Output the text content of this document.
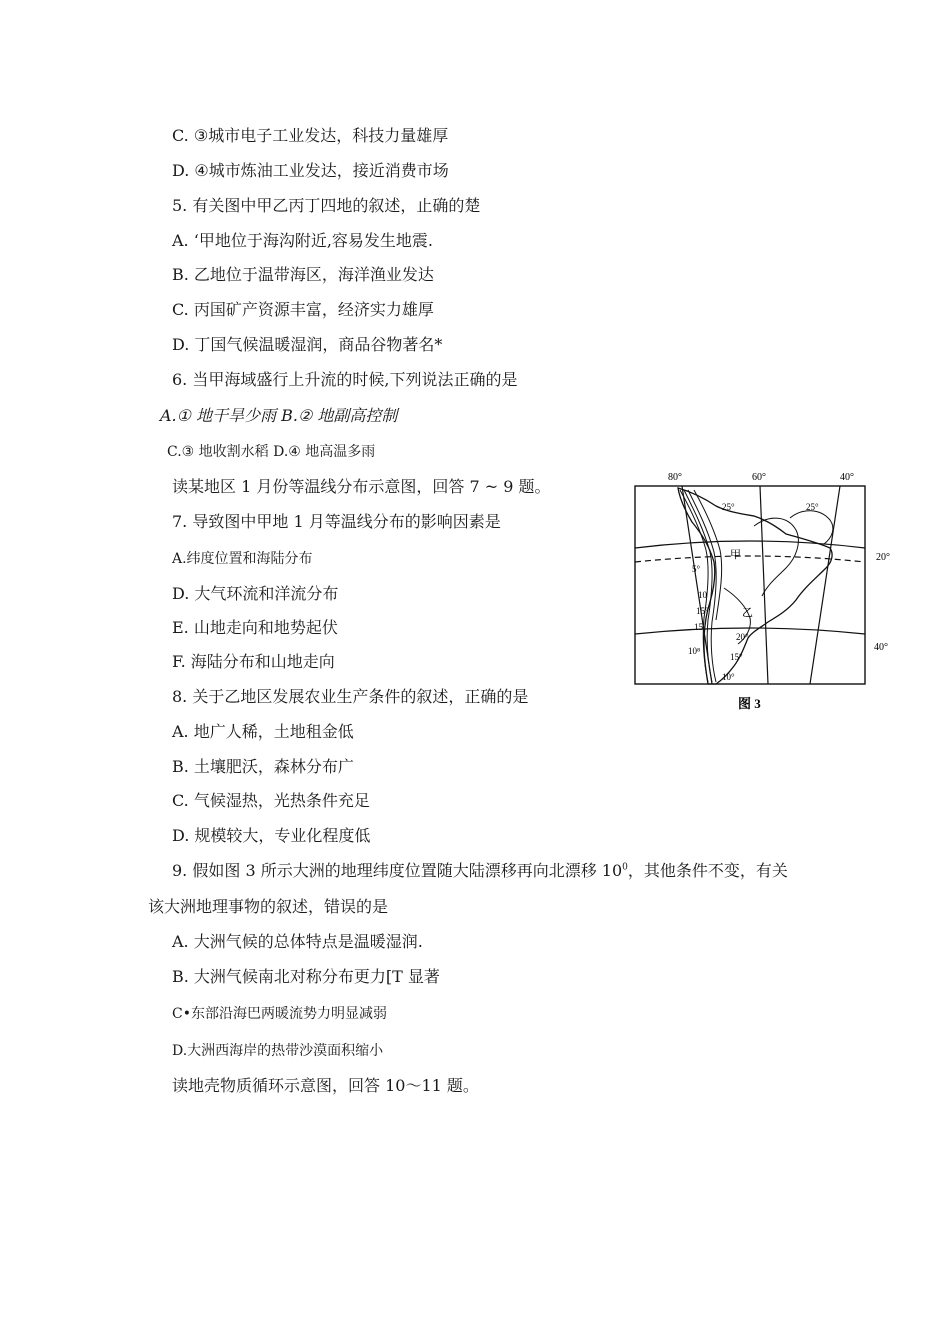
C. ③城市电子工业发达，科技力量雄厚
D. ④城市炼油工业发达，接近消费市场
5. 有关图中甲乙丙丁四地的叙述，止确的楚
A. ‘甲地位于海沟附近,容易发生地震.
B. 乙地位于温带海区，海洋渔业发达
C. 丙国矿产资源丰富，经济实力雄厚
D. 丁国气候温暖湿润，商品谷物著名*
6. 当甲海域盛行上升流的时候,下列说法正确的是
A.① 地干旱少雨 B.② 地副高控制
C.③ 地收割水稻 D.④ 地高温多雨
读某地区 1 月份等温线分布示意图，回答 7 ~ 9 题。
7. 导致图中甲地 1 月等温线分布的影响因素是
A.纬度位置和海陆分布
D. 大气环流和洋流分布
E. 山地走向和地势起伏
F. 海陆分布和山地走向
8. 关于乙地区发展农业生产条件的叙述，正确的是
A. 地广人稀，土地租金低
B. 土壤肥沃，森林分布广
C. 气候湿热，光热条件充足
D. 规模较大，专业化程度低
9. 假如图 3 所示大洲的地理纬度位置随大陆漂移再向北漂移 $10^0$，其他条件不变，有关
该大洲地理事物的叙述，错误的是
A. 大洲气候的总体特点是温暖湿润.
B. 大洲气候南北对称分布更力[T 显著
C•东部沿海巴两暖流势力明显减弱
D.大洲西海岸的热带沙漠面积缩小
读地壳物质循环示意图，回答 10〜11 题。
80°	60°	40°
20°
40°
25°	25°
5°
10
15°
15
10⁸
20°
15°
10°
甲
乙
图 3
